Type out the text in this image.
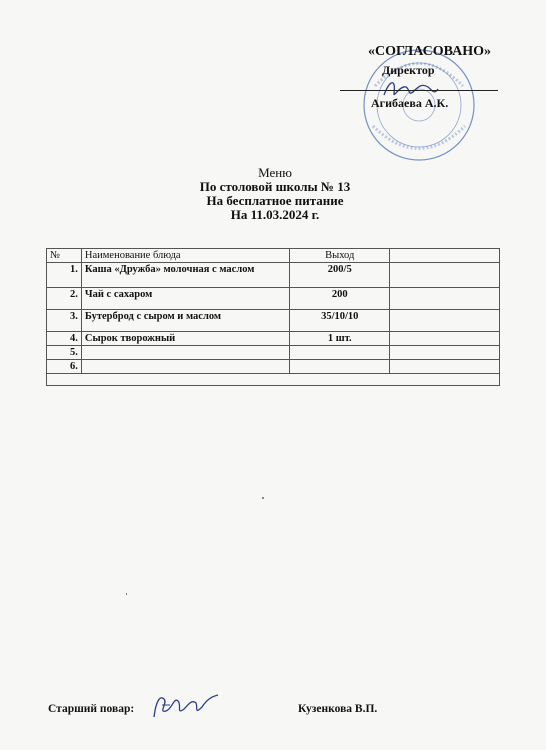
«СОГЛАСОВАНО»
Директор
Агибаева А.К.
Меню
По столовой школы № 13
На бесплатное питание
На 11.03.2024 г.
№	Наименование блюда	Выход	
1.	Каша «Дружба» молочная с маслом	200/5	
2.	Чай с сахаром	200	
3.	Бутерброд с сыром и маслом	35/10/10	
4.	Сырок творожный	1 шт.	
5.			
6.			

Старший повар:	Кузенкова В.П.
